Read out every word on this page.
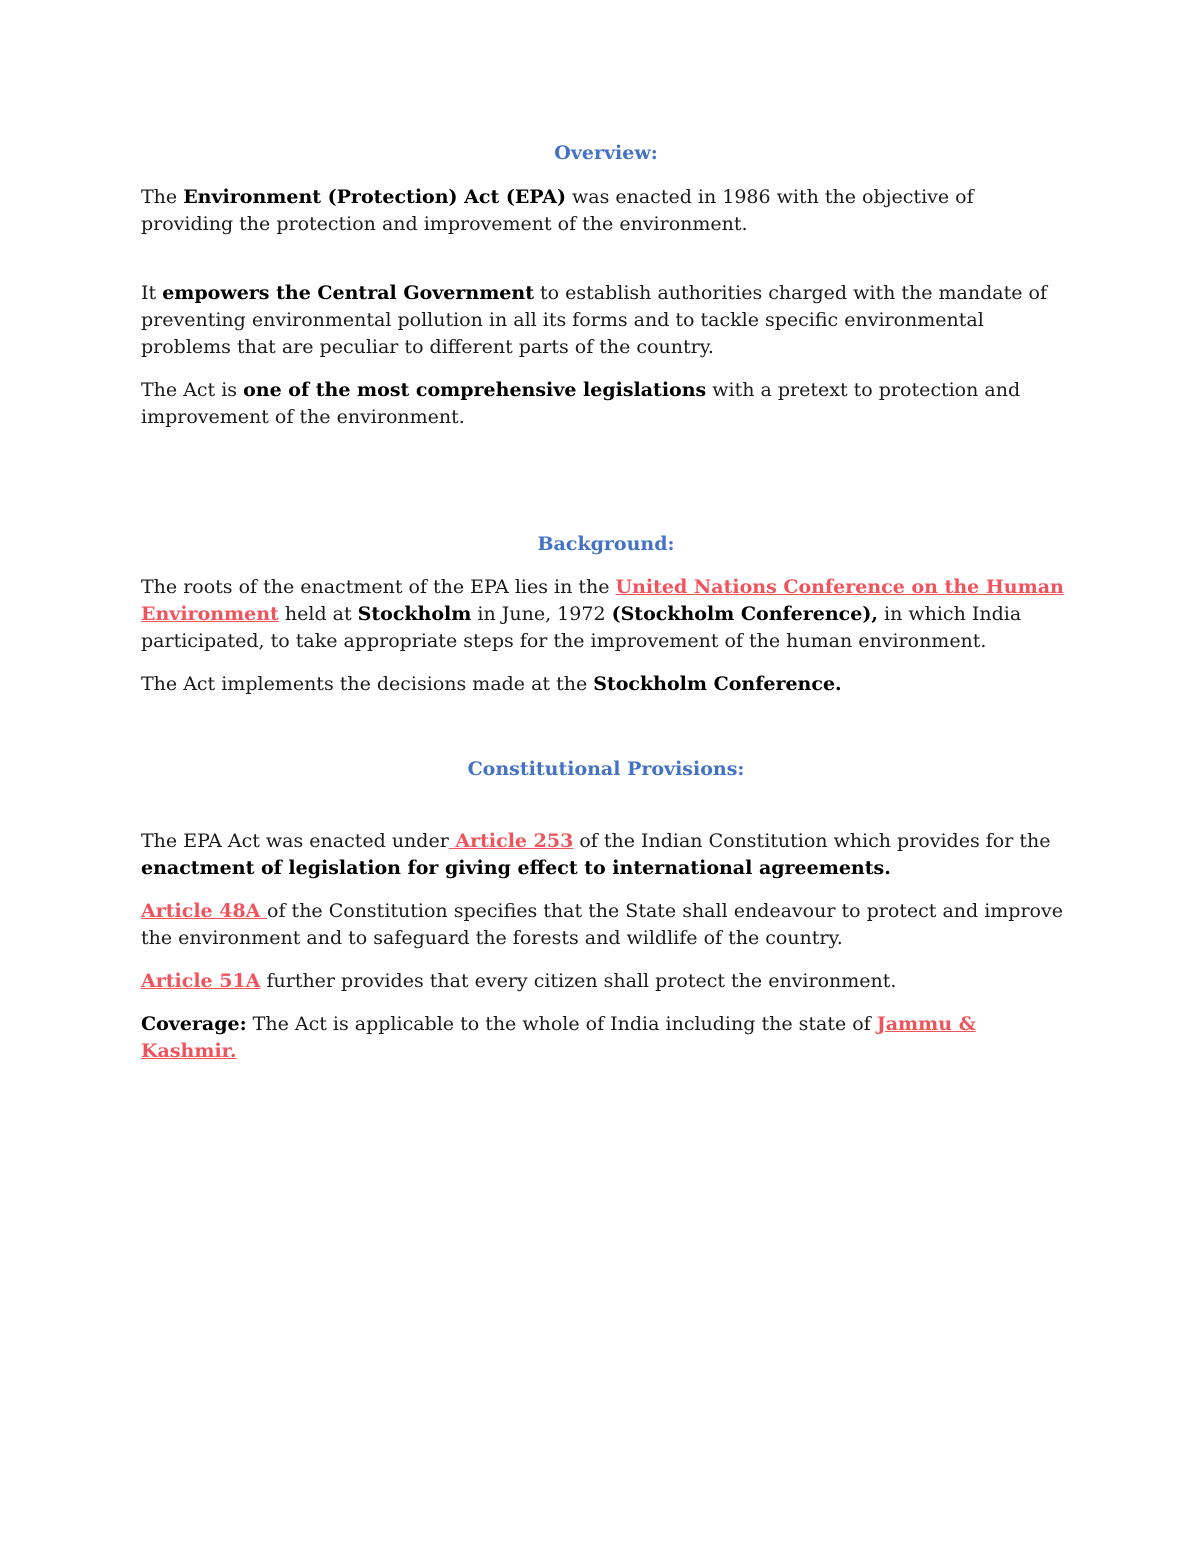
Overview:

The Environment (Protection) Act (EPA) was enacted in 1986 with the objective of providing the protection and improvement of the environment.

It empowers the Central Government to establish authorities charged with the mandate of preventing environmental pollution in all its forms and to tackle specific environmental problems that are peculiar to different parts of the country.

The Act is one of the most comprehensive legislations with a pretext to protection and improvement of the environment.

Background:

The roots of the enactment of the EPA lies in the United Nations Conference on the Human Environment held at Stockholm in June, 1972 (Stockholm Conference), in which India participated, to take appropriate steps for the improvement of the human environment.

The Act implements the decisions made at the Stockholm Conference.

Constitutional Provisions:

The EPA Act was enacted under Article 253 of the Indian Constitution which provides for the enactment of legislation for giving effect to international agreements.

Article 48A of the Constitution specifies that the State shall endeavour to protect and improve the environment and to safeguard the forests and wildlife of the country.

Article 51A further provides that every citizen shall protect the environment.

Coverage: The Act is applicable to the whole of India including the state of Jammu & Kashmir.
